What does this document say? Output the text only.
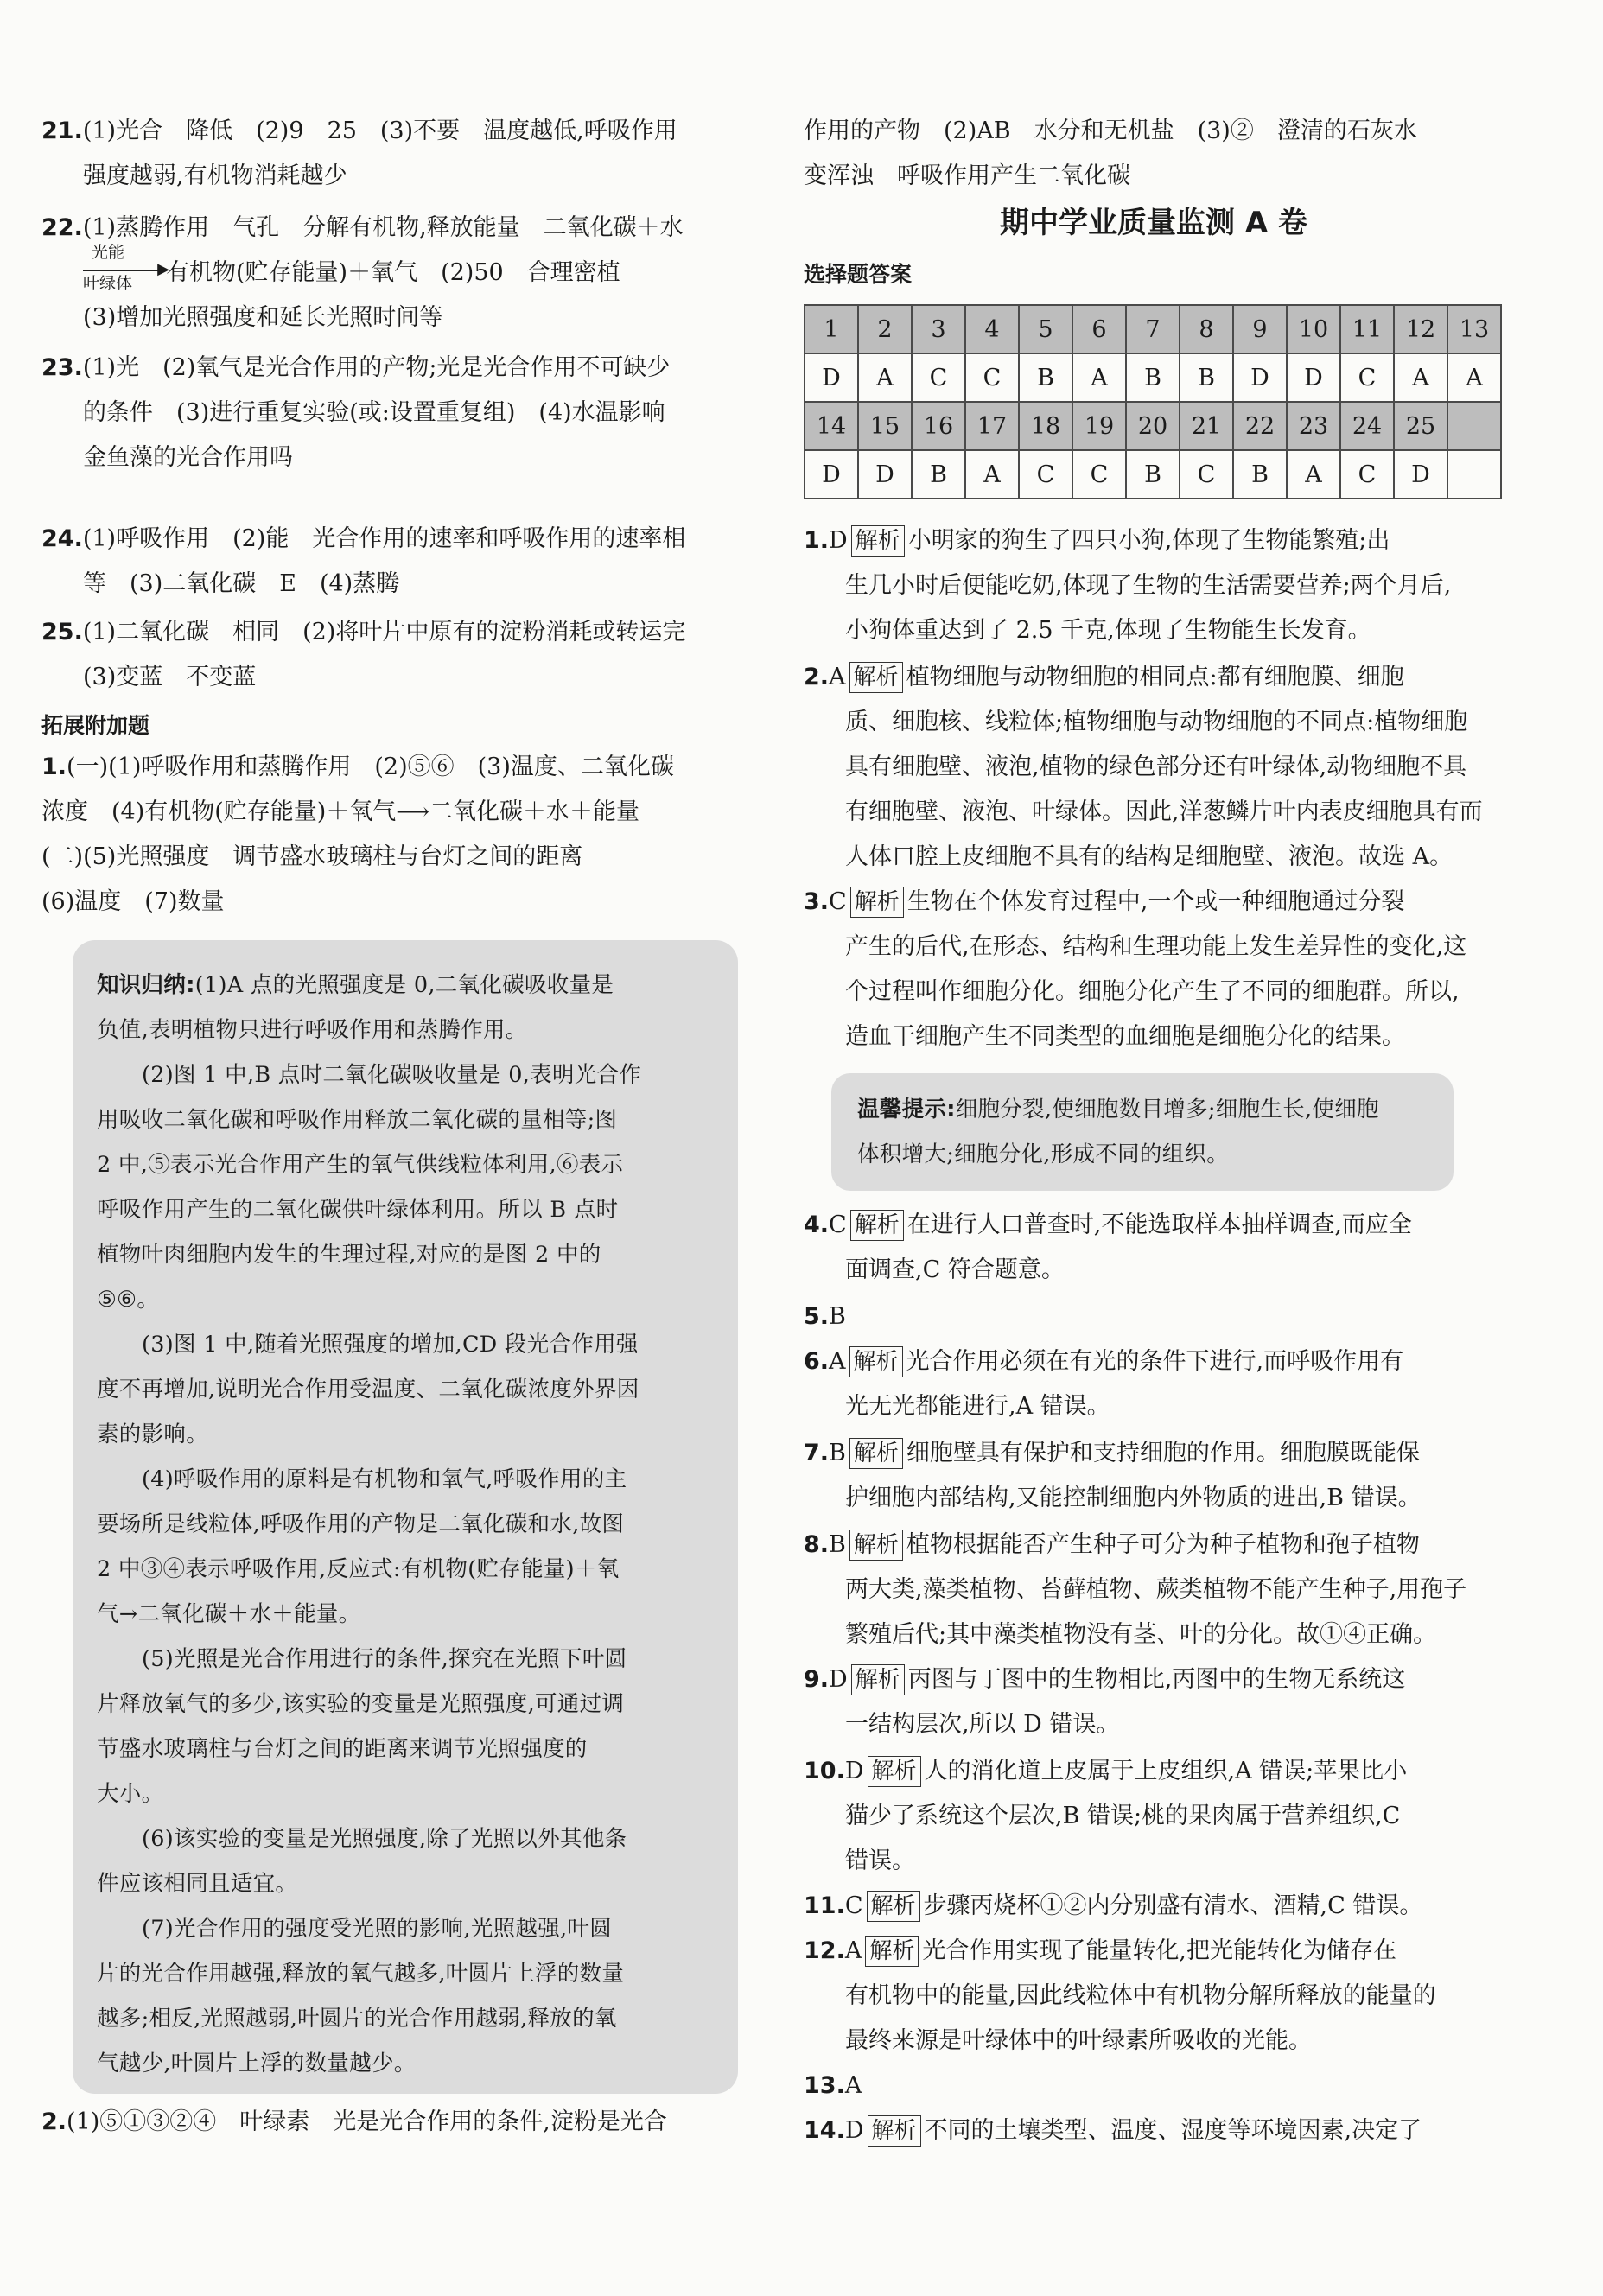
21.(1)光合　降低　(2)9　25　(3)不要　温度越低,呼吸作用
强度越弱,有机物消耗越少
22.(1)蒸腾作用　气孔　分解有机物,释放能量　二氧化碳＋水
光能
▶
叶绿体 有机物(贮存能量)＋氧气　(2)50　合理密植
(3)增加光照强度和延长光照时间等
23.(1)光　(2)氧气是光合作用的产物;光是光合作用不可缺少
的条件　(3)进行重复实验(或:设置重复组)　(4)水温影响
金鱼藻的光合作用吗
24.(1)呼吸作用　(2)能　光合作用的速率和呼吸作用的速率相
等　(3)二氧化碳　E　(4)蒸腾
25.(1)二氧化碳　相同　(2)将叶片中原有的淀粉消耗或转运完
(3)变蓝　不变蓝
拓展附加题
1.(一)(1)呼吸作用和蒸腾作用　(2)⑤⑥　(3)温度、二氧化碳
浓度　(4)有机物(贮存能量)＋氧气⟶二氧化碳＋水＋能量
(二)(5)光照强度　调节盛水玻璃柱与台灯之间的距离
(6)温度　(7)数量
知识归纳:(1)A 点的光照强度是 0,二氧化碳吸收量是
负值,表明植物只进行呼吸作用和蒸腾作用。
(2)图 1 中,B 点时二氧化碳吸收量是 0,表明光合作
用吸收二氧化碳和呼吸作用释放二氧化碳的量相等;图
2 中,⑤表示光合作用产生的氧气供线粒体利用,⑥表示
呼吸作用产生的二氧化碳供叶绿体利用。所以 B 点时
植物叶肉细胞内发生的生理过程,对应的是图 2 中的
⑤⑥。
(3)图 1 中,随着光照强度的增加,CD 段光合作用强
度不再增加,说明光合作用受温度、二氧化碳浓度外界因
素的影响。
(4)呼吸作用的原料是有机物和氧气,呼吸作用的主
要场所是线粒体,呼吸作用的产物是二氧化碳和水,故图
2 中③④表示呼吸作用,反应式:有机物(贮存能量)＋氧
气→二氧化碳＋水＋能量。
(5)光照是光合作用进行的条件,探究在光照下叶圆
片释放氧气的多少,该实验的变量是光照强度,可通过调
节盛水玻璃柱与台灯之间的距离来调节光照强度的
大小。
(6)该实验的变量是光照强度,除了光照以外其他条
件应该相同且适宜。
(7)光合作用的强度受光照的影响,光照越强,叶圆
片的光合作用越强,释放的氧气越多,叶圆片上浮的数量
越多;相反,光照越弱,叶圆片的光合作用越弱,释放的氧
气越少,叶圆片上浮的数量越少。
2.(1)⑤①③②④　叶绿素　光是光合作用的条件,淀粉是光合
作用的产物　(2)AB　水分和无机盐　(3)②　澄清的石灰水
变浑浊　呼吸作用产生二氧化碳
期中学业质量监测 A 卷
选择题答案
1	2	3	4	5	6	7	8	9	10	11	12	13
D	A	C	C	B	A	B	B	D	D	C	A	A
14	15	16	17	18	19	20	21	22	23	24	25	
D	D	B	A	C	C	B	C	B	A	C	D	
1.D 解析 小明家的狗生了四只小狗,体现了生物能繁殖;出
生几小时后便能吃奶,体现了生物的生活需要营养;两个月后,
小狗体重达到了 2.5 千克,体现了生物能生长发育。
2.A 解析 植物细胞与动物细胞的相同点:都有细胞膜、细胞
质、细胞核、线粒体;植物细胞与动物细胞的不同点:植物细胞
具有细胞壁、液泡,植物的绿色部分还有叶绿体,动物细胞不具
有细胞壁、液泡、叶绿体。因此,洋葱鳞片叶内表皮细胞具有而
人体口腔上皮细胞不具有的结构是细胞壁、液泡。故选 A。
3.C 解析 生物在个体发育过程中,一个或一种细胞通过分裂
产生的后代,在形态、结构和生理功能上发生差异性的变化,这
个过程叫作细胞分化。细胞分化产生了不同的细胞群。所以,
造血干细胞产生不同类型的血细胞是细胞分化的结果。
温馨提示:细胞分裂,使细胞数目增多;细胞生长,使细胞
体积增大;细胞分化,形成不同的组织。
4.C 解析 在进行人口普查时,不能选取样本抽样调查,而应全
面调查,C 符合题意。
5.B
6.A 解析 光合作用必须在有光的条件下进行,而呼吸作用有
光无光都能进行,A 错误。
7.B 解析 细胞壁具有保护和支持细胞的作用。细胞膜既能保
护细胞内部结构,又能控制细胞内外物质的进出,B 错误。
8.B 解析 植物根据能否产生种子可分为种子植物和孢子植物
两大类,藻类植物、苔藓植物、蕨类植物不能产生种子,用孢子
繁殖后代;其中藻类植物没有茎、叶的分化。故①④正确。
9.D 解析 丙图与丁图中的生物相比,丙图中的生物无系统这
一结构层次,所以 D 错误。
10.D 解析 人的消化道上皮属于上皮组织,A 错误;苹果比小
猫少了系统这个层次,B 错误;桃的果肉属于营养组织,C
错误。
11.C 解析 步骤丙烧杯①②内分别盛有清水、酒精,C 错误。
12.A 解析 光合作用实现了能量转化,把光能转化为储存在
有机物中的能量,因此线粒体中有机物分解所释放的能量的
最终来源是叶绿体中的叶绿素所吸收的光能。
13.A
14.D 解析 不同的土壤类型、温度、湿度等环境因素,决定了
